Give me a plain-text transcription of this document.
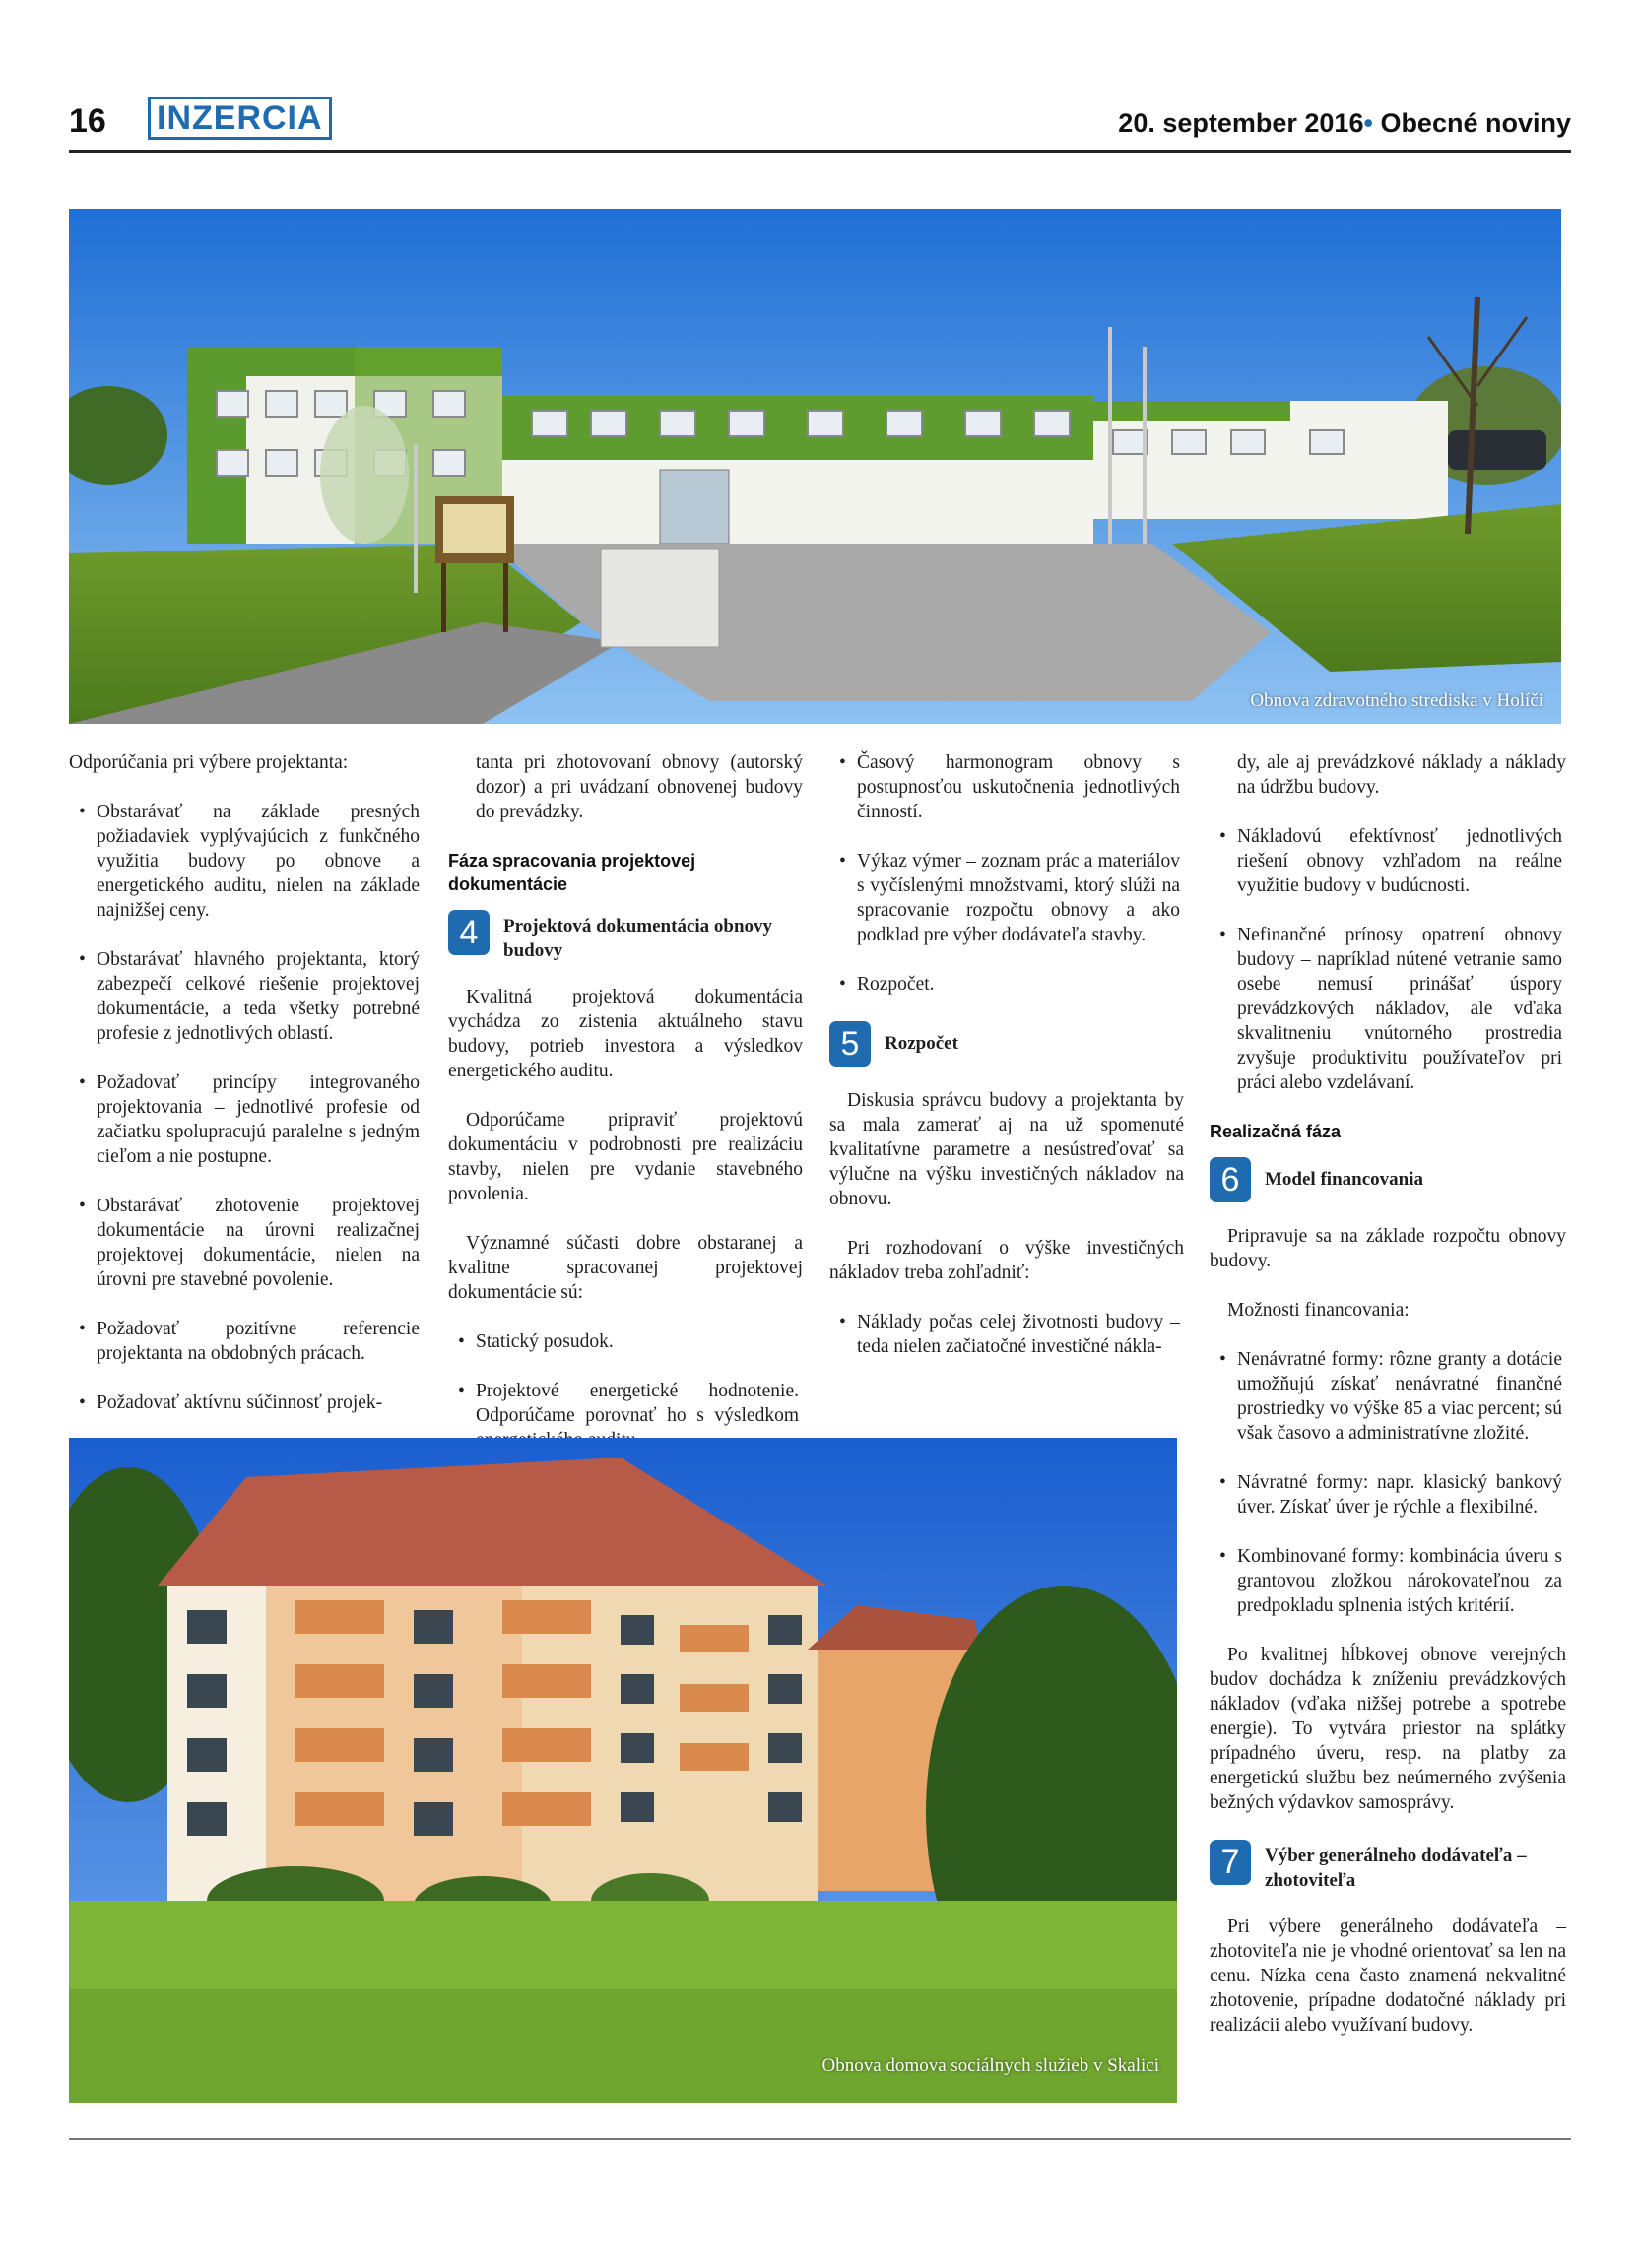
16 INZERCIA	20. september 2016• Obecné noviny
Obnova zdravotného strediska v Holíči

Odporúčania pri výbere projektanta:

• Obstarávať na základe presných požiadaviek vyplývajúcich z funkčného využitia budovy po obnove a energetického auditu, nielen na základe najnižšej ceny.
• Obstarávať hlavného projektanta, ktorý zabezpečí celkové riešenie projektovej dokumentácie, a teda všetky potrebné profesie z jednotlivých oblastí.
• Požadovať princípy integrovaného projektovania – jednotlivé profesie od začiatku spolupracujú paralelne s jedným cieľom a nie postupne.
• Obstarávať zhotovenie projektovej dokumentácie na úrovni realizačnej projektovej dokumentácie, nielen na úrovni pre stavebné povolenie.
• Požadovať pozitívne referencie projektanta na obdobných prácach.
• Požadovať aktívnu súčinnosť projek-

tanta pri zhotovovaní obnovy (autorský dozor) a pri uvádzaní obnovenej budovy do prevádzky.

Fáza spracovania projektovej dokumentácie
4	Projektová dokumentácia obnovy budovy

Kvalitná projektová dokumentácia vychádza zo zistenia aktuálneho stavu budovy, potrieb investora a výsledkov energetického auditu.

Odporúčame pripraviť projektovú dokumentáciu v podrobnosti pre realizáciu stavby, nielen pre vydanie stavebného povolenia.

Významné súčasti dobre obstaranej a kvalitne spracovanej projektovej dokumentácie sú:

• Statický posudok.
• Projektové energetické hodnotenie. Odporúčame porovnať ho s výsledkom
• Časový harmonogram obnovy s postupnosťou uskutočnenia jednotlivých činností.
• Výkaz výmer – zoznam prác a materiálov s vyčíslenými množstvami, ktorý slúži na spracovanie rozpočtu obnovy a ako podklad pre výber dodávateľa stavby.
• Rozpočet.
5	Rozpočet

Diskusia správcu budovy a projektanta by sa mala zamerať aj na už spomenuté kvalitatívne parametre a nesústreďovať sa výlučne na výšku investičných nákladov na obnovu.

Pri rozhodovaní o výške investičných nákladov treba zohľadniť:

• Náklady počas celej životnosti budovy – teda nielen začiatočné investičné nákla-

dy, ale aj prevádzkové náklady a náklady na údržbu budovy.

• Nákladovú efektívnosť jednotlivých riešení obnovy vzhľadom na reálne využitie budovy v budúcnosti.
• Nefinančné prínosy opatrení obnovy budovy – napríklad nútené vetranie samo osebe nemusí prinášať úspory prevádzkových nákladov, ale vďaka skvalitneniu vnútorného prostredia zvyšuje produktivitu používateľov pri práci alebo vzdelávaní.
Realizačná fáza
6	Model financovania

Pripravuje sa na základe rozpočtu obnovy budovy.

Možnosti financovania:

• Nenávratné formy: rôzne granty a dotácie umožňujú získať nenávratné finančné prostriedky vo výške 85 a viac percent; sú však časovo a administratívne zložité.
• Návratné formy: napr. klasický bankový úver. Získať úver je rýchle a flexibilné.
• Kombinované formy: kombinácia úveru s grantovou zložkou nárokovateľnou za predpokladu splnenia istých kritérií.

Po kvalitnej hĺbkovej obnove verejných budov dochádza k zníženiu prevádzkových nákladov (vďaka nižšej potrebe a spotrebe energie). To vytvára priestor na splátky prípadného úveru, resp. na platby za energetickú službu bez neúmerného zvýšenia bežných výdavkov samosprávy.

7	Výber generálneho dodávateľa – zhotoviteľa

Pri výbere generálneho dodávateľa – zhotoviteľa nie je vhodné orientovať sa len na cenu. Nízka cena často znamená nekvalitné zhotovenie, prípadne dodatočné náklady pri realizácii alebo využívaní budovy.

Obnova domova sociálnych služieb v Skalici
